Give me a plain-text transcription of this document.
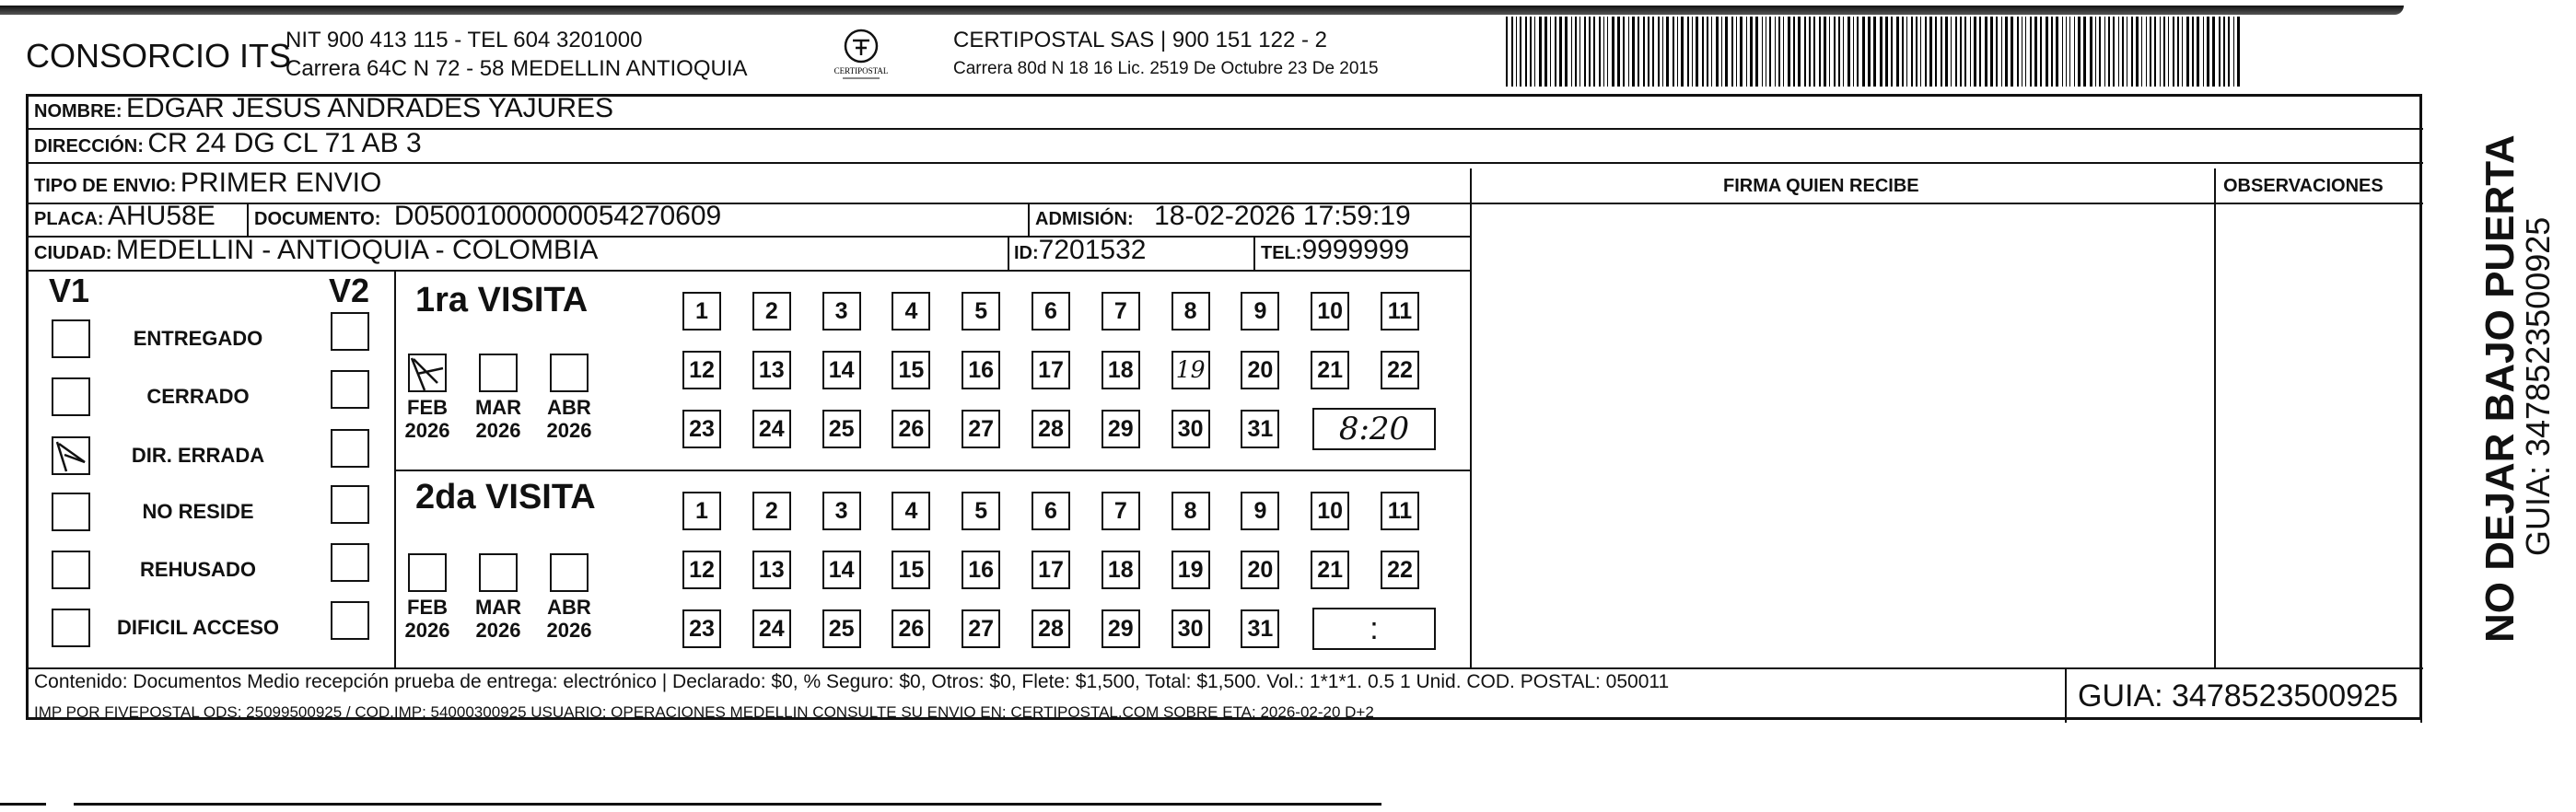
CONSORCIO ITS
NIT 900 413 115 - TEL 604 3201000
Carrera 64C N 72 - 58 MEDELLIN ANTIOQUIA	CERTIPOSTAL
CERTIPOSTAL SAS | 900 151 122 - 2
Carrera 80d N 18 16 Lic. 2519 De Octubre 23 De 2015
NOMBRE: EDGAR JESUS ANDRADES YAJURES
DIRECCIÓN: CR 24 DG CL 71 AB 3
TIPO DE ENVIO: PRIMER ENVIO	FIRMA QUIEN RECIBE	OBSERVACIONES
PLACA: AHU58E DOCUMENTO: D05001000000054270609	ADMISIÓN: 18-02-2026 17:59:19
CIUDAD: MEDELLIN - ANTIOQUIA - COLOMBIA	ID:7201532	TEL:9999999
V1	V2
ENTREGADO
CERRADO
DIR. ERRADA
NO RESIDE
REHUSADO
DIFICIL ACCESO
1ra VISITA
2da VISITA
FEB
2026
MAR
2026
ABR
2026
1	2	3	4	5	6	7	8	9	10	11
12 13 14 15 16 17 18 19 20 21 22
23 24 25 26 27 28 29 30 31	8:20
FEB
2026
MAR
2026
ABR
2026
1	2	3	4	5	6	7	8	9	10	11
12 13 14 15 16 17 18 19 20 21 22
23 24 25 26 27 28 29 30 31	:
Contenido: Documentos Medio recepción prueba de entrega: electrónico | Declarado: $0, % Seguro: $0, Otros: $0, Flete: $1,500, Total: $1,500. Vol.: 1*1*1. 0.5 1 Unid. COD. POSTAL: 050011
IMP POR FIVEPOSTAL ODS: 25099500925 / COD.IMP: 54000300925 USUARIO: OPERACIONES MEDELLIN CONSULTE SU ENVIO EN: CERTIPOSTAL.COM SOBRE ETA: 2026-02-20 D+2	GUIA: 3478523500925
NO DEJAR BAJO PUERTA
GUIA: 3478523500925
